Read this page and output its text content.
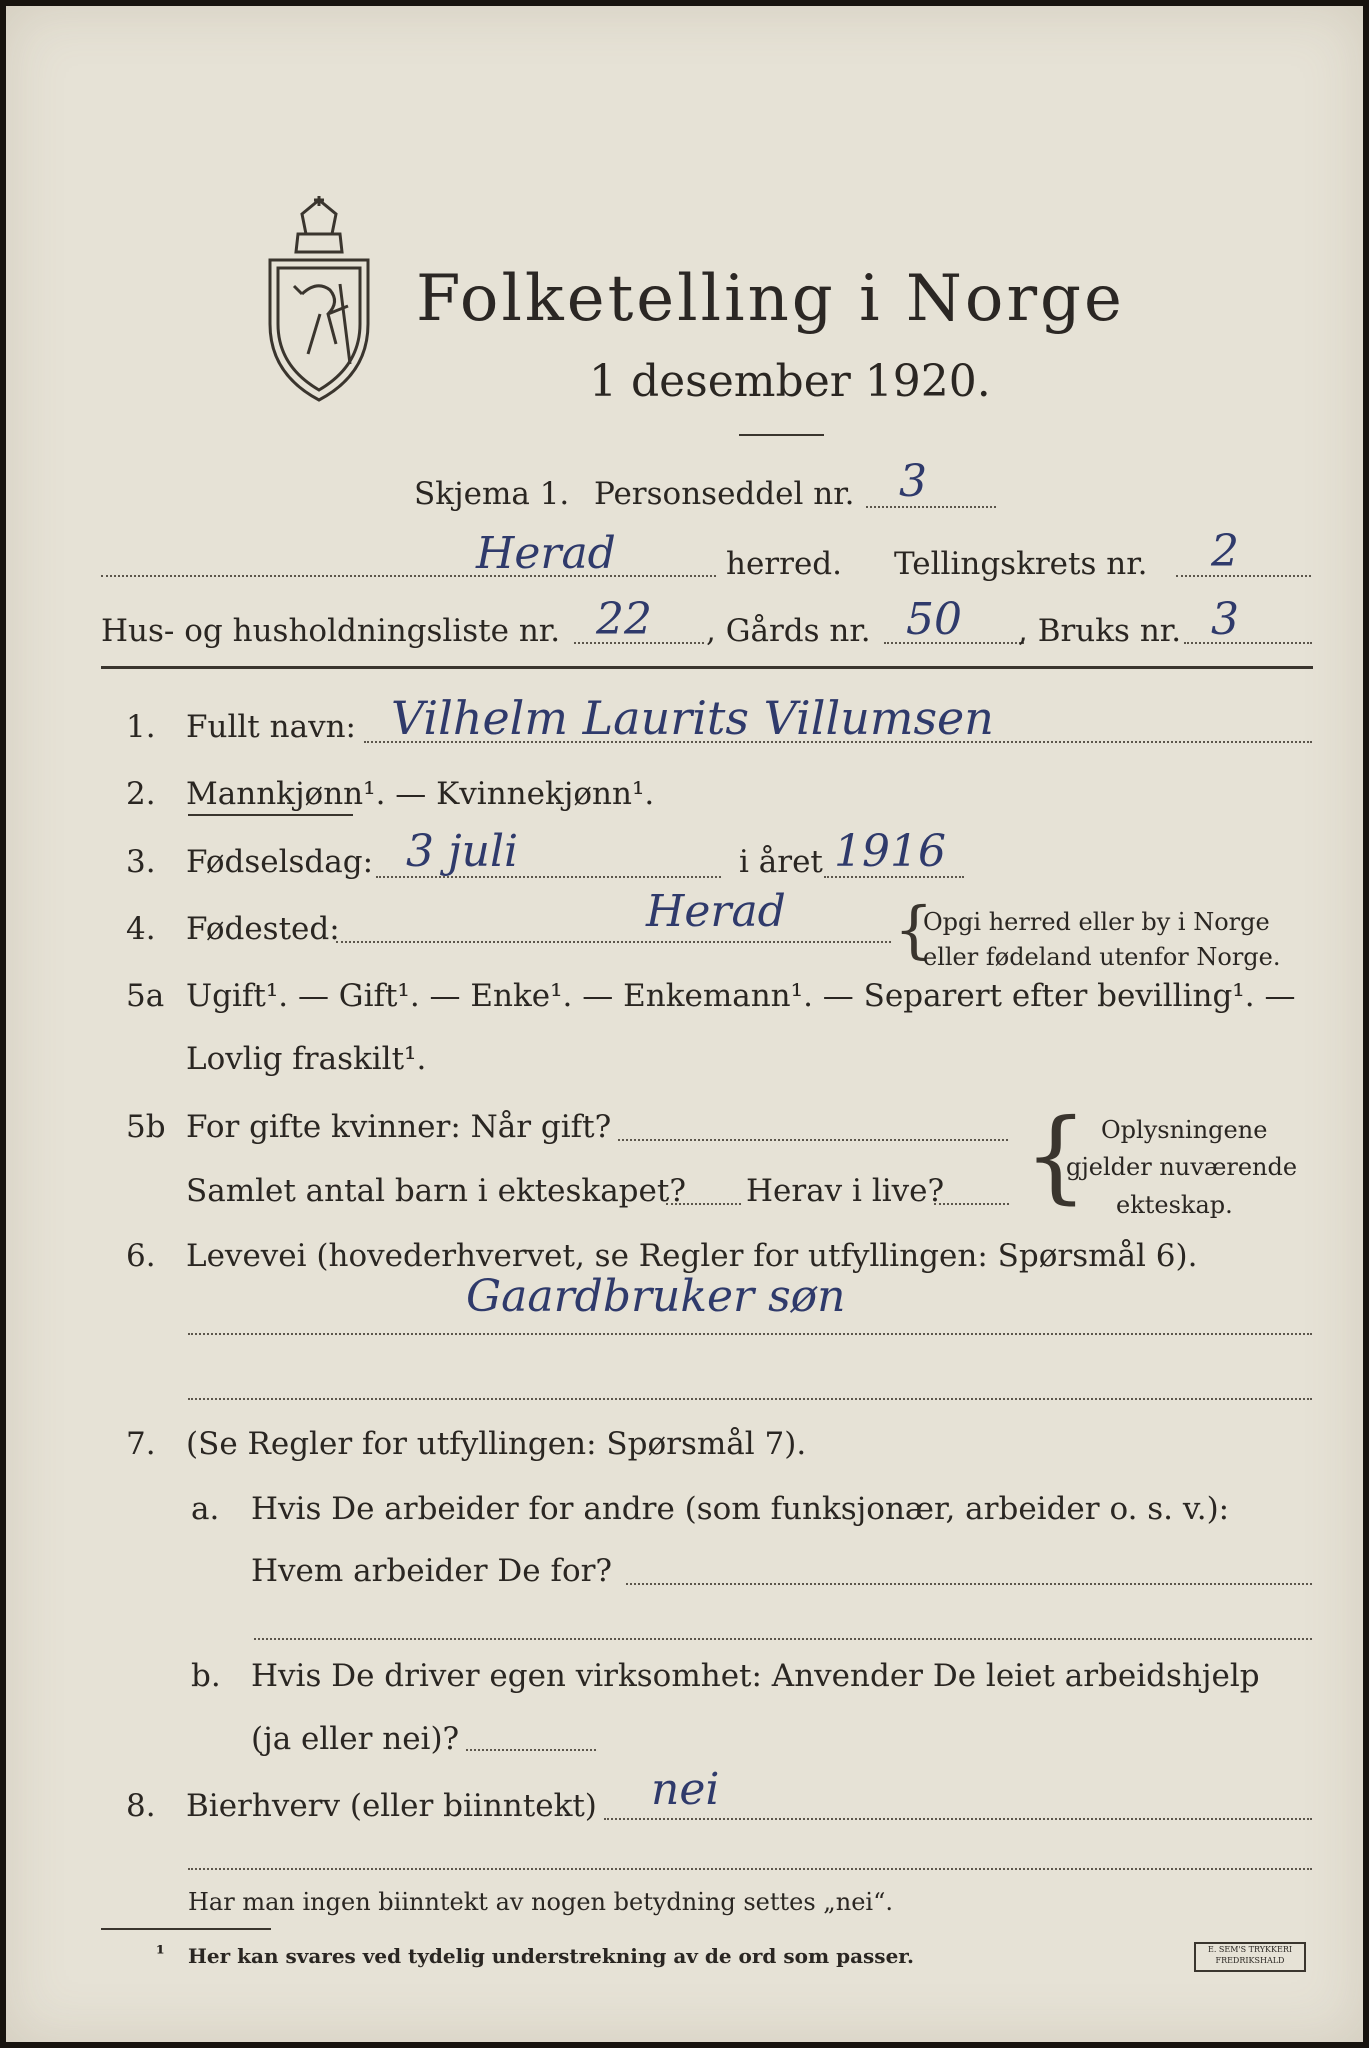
Folketelling i Norge
1 desember 1920.
Skjema 1. Personseddel nr. 3
Herad	herred. Tellingskrets nr. 2
Hus- og husholdningsliste nr. 22 , Gårds nr. 50 , Bruks nr. 3
1. Fullt navn: Vilhelm Laurits Villumsen
2. Mannkjønn¹. — Kvinnekjønn¹.
3. Fødselsdag: 3 juli	i året 1916
4. Fødested:	Herad {
Opgi herred eller by i Norge
eller fødeland utenfor Norge.
5a Ugift¹. — Gift¹. — Enke¹. — Enkemann¹. — Separert efter bevilling¹. —
Lovlig fraskilt¹.
5b For gifte kvinner: Når gift?
Samlet antal barn i ekteskapet? Herav i live? { Oplysningene
gjelder nuværende
ekteskap.
6. Levevei (hovederhvervet, se Regler for utfyllingen: Spørsmål 6).
Gaardbruker søn
7. (Se Regler for utfyllingen: Spørsmål 7).
a. Hvis De arbeider for andre (som funksjonær, arbeider o. s. v.):
Hvem arbeider De for?
b. Hvis De driver egen virksomhet: Anvender De leiet arbeidshjelp
(ja eller nei)?
8. Bierhverv (eller biinntekt) nei
Har man ingen biinntekt av nogen betydning settes „nei“.
¹ Her kan svares ved tydelig understrekning av de ord som passer.	E. SEM'S TRYKKERI FREDRIKSHALD
